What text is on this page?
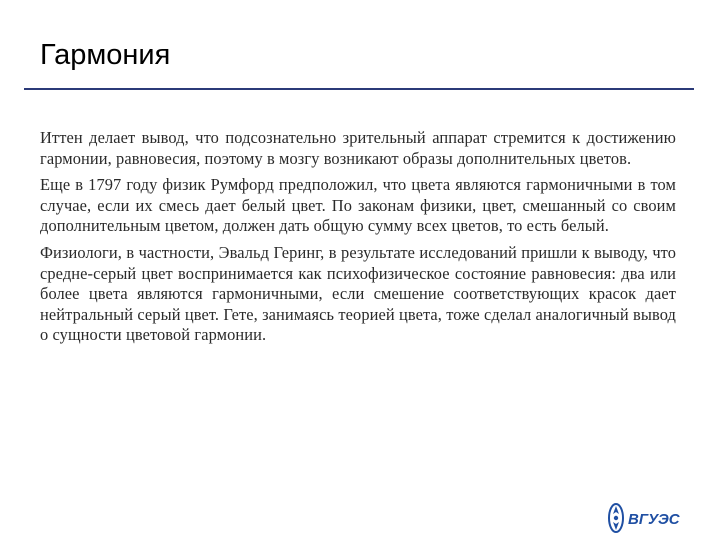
Гармония

Иттен делает вывод, что подсознательно зрительный аппарат стремится к достижению гармонии, равновесия, поэтому в мозгу возникают образы дополнительных цветов.

Еще в 1797 году физик Румфорд предположил, что цвета являются гармоничными в том случае, если их смесь дает белый цвет. По законам физики, цвет, смешанный со своим дополнительным цветом, должен дать общую сумму всех цветов, то есть белый.

Физиологи, в частности, Эвальд Геринг, в результате исследований пришли к выводу, что средне-серый цвет воспринимается как психофизическое состояние равновесия: два или более цвета являются гармоничными, если смешение соответствующих красок дает нейтральный серый цвет. Гете, занимаясь теорией цвета, тоже сделал аналогичный вывод о сущности цветовой гармонии.

ВГУЭС
